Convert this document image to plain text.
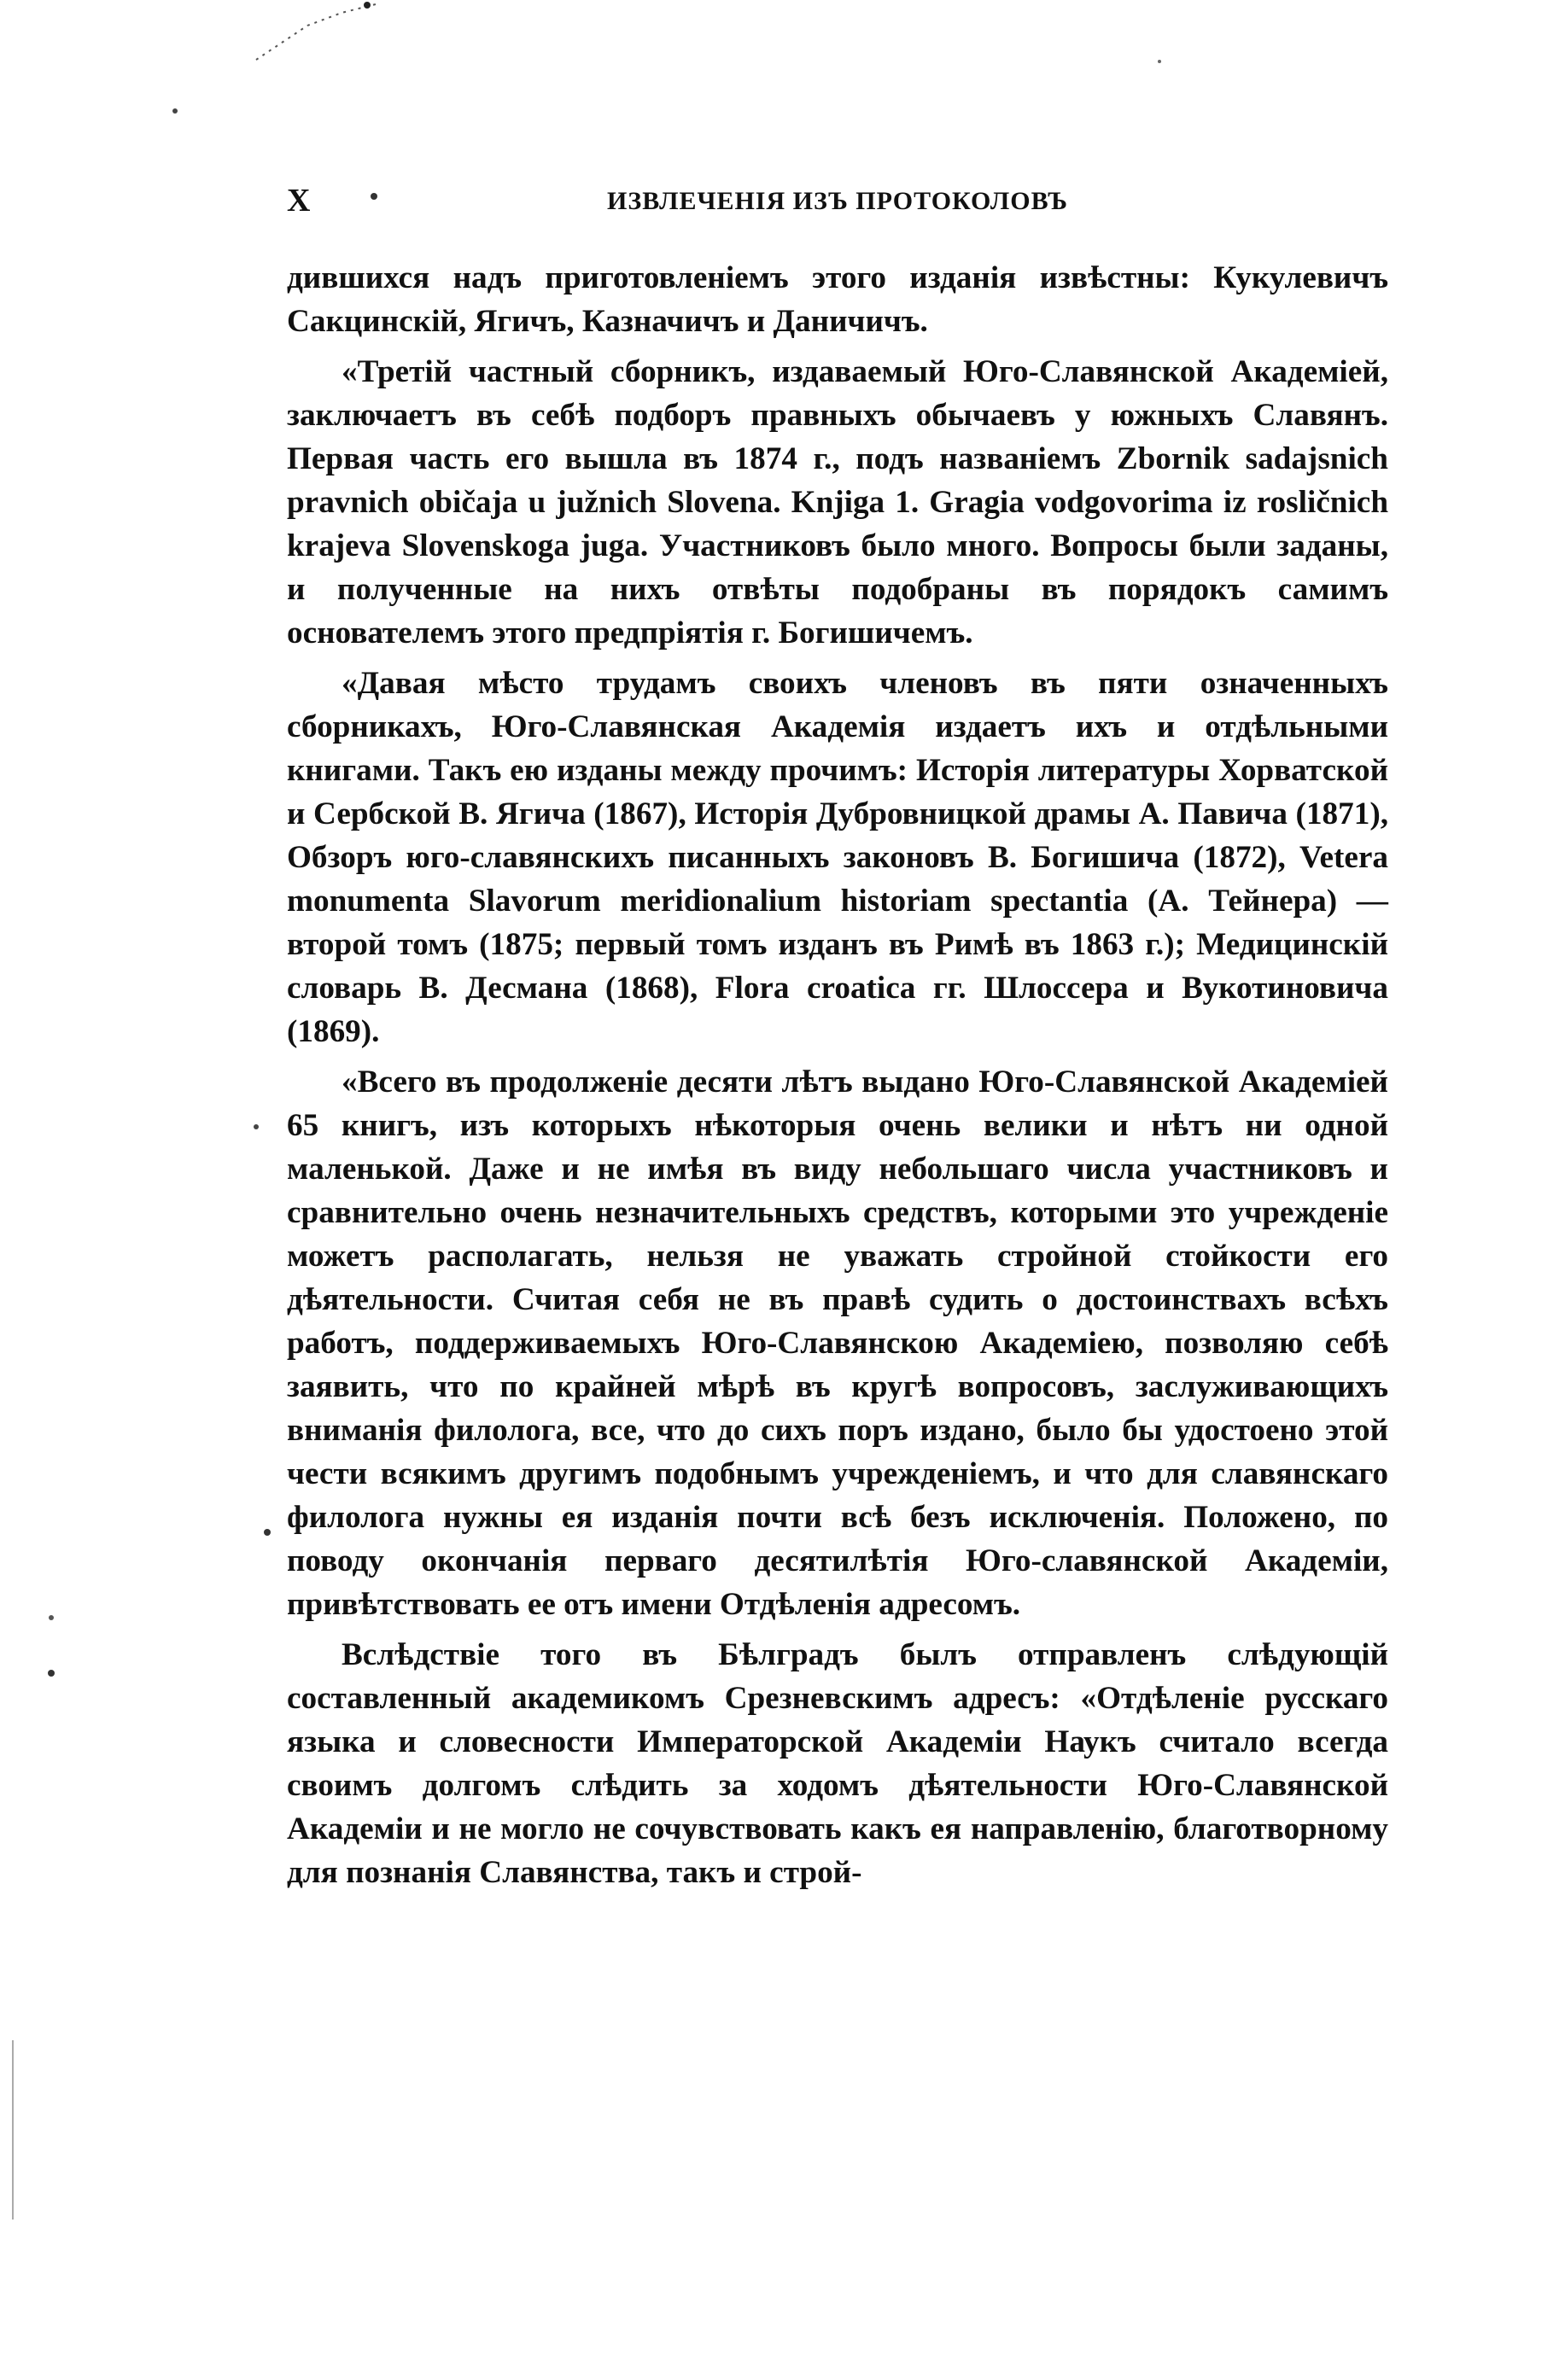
X	ИЗВЛЕЧЕНІЯ ИЗЪ ПРОТОКОЛОВЪ

дившихся надъ приготовленіемъ этого изданія извѣстны: Кукулевичъ Сакцинскій, Ягичъ, Казначичъ и Даничичъ.

«Третій частный сборникъ, издаваемый Юго-Славянской Академіей, заключаетъ въ себѣ подборъ правныхъ обычаевъ у южныхъ Славянъ. Первая часть его вышла въ 1874 г., подъ названіемъ Zbornik sadajsnich pravnich običaja u južnich Slovena. Knjiga 1. Gragia vodgovorima iz rosličnich krajeva Slovenskoga juga. Участниковъ было много. Вопросы были заданы, и полученные на нихъ отвѣты подобраны въ порядокъ самимъ основателемъ этого предпріятія г. Богишичемъ.

«Давая мѣсто трудамъ своихъ членовъ въ пяти означенныхъ сборникахъ, Юго-Славянская Академія издаетъ ихъ и отдѣльными книгами. Такъ ею изданы между прочимъ: Исторія литературы Хорватской и Сербской В. Ягича (1867), Исторія Дубровницкой драмы А. Павича (1871), Обзоръ юго-славянскихъ писанныхъ законовъ В. Богишича (1872), Vetera monumenta Slavorum meridionalium historiam spectantia (А. Тейнера) — второй томъ (1875; первый томъ изданъ въ Римѣ въ 1863 г.); Медицинскій словарь В. Десмана (1868), Flora croatica гг. Шлоссера и Вукотиновича (1869).

«Всего въ продолженіе десяти лѣтъ выдано Юго-Славянской Академіей 65 книгъ, изъ которыхъ нѣкоторыя очень велики и нѣтъ ни одной маленькой. Даже и не имѣя въ виду небольшаго числа участниковъ и сравнительно очень незначительныхъ средствъ, которыми это учрежденіе можетъ располагать, нельзя не уважать стройной стойкости его дѣятельности. Считая себя не въ правѣ судить о достоинствахъ всѣхъ работъ, поддерживаемыхъ Юго-Славянскою Академіею, позволяю себѣ заявить, что по крайней мѣрѣ въ кругѣ вопросовъ, заслуживающихъ вниманія филолога, все, что до сихъ поръ издано, было бы удостоено этой чести всякимъ другимъ подобнымъ учрежденіемъ, и что для славянскаго филолога нужны ея изданія почти всѣ безъ исключенія. Положено, по поводу окончанія перваго десятилѣтія Юго-славянской Академіи, привѣтствовать ее отъ имени Отдѣленія адресомъ.

Вслѣдствіе того въ Бѣлградъ былъ отправленъ слѣдующій составленный академикомъ Срезневскимъ адресъ: «Отдѣленіе русскаго языка и словесности Императорской Академіи Наукъ считало всегда своимъ долгомъ слѣдить за ходомъ дѣятельности Юго-Славянской Академіи и не могло не сочувствовать какъ ея направленію, благотворному для познанія Славянства, такъ и строй-
